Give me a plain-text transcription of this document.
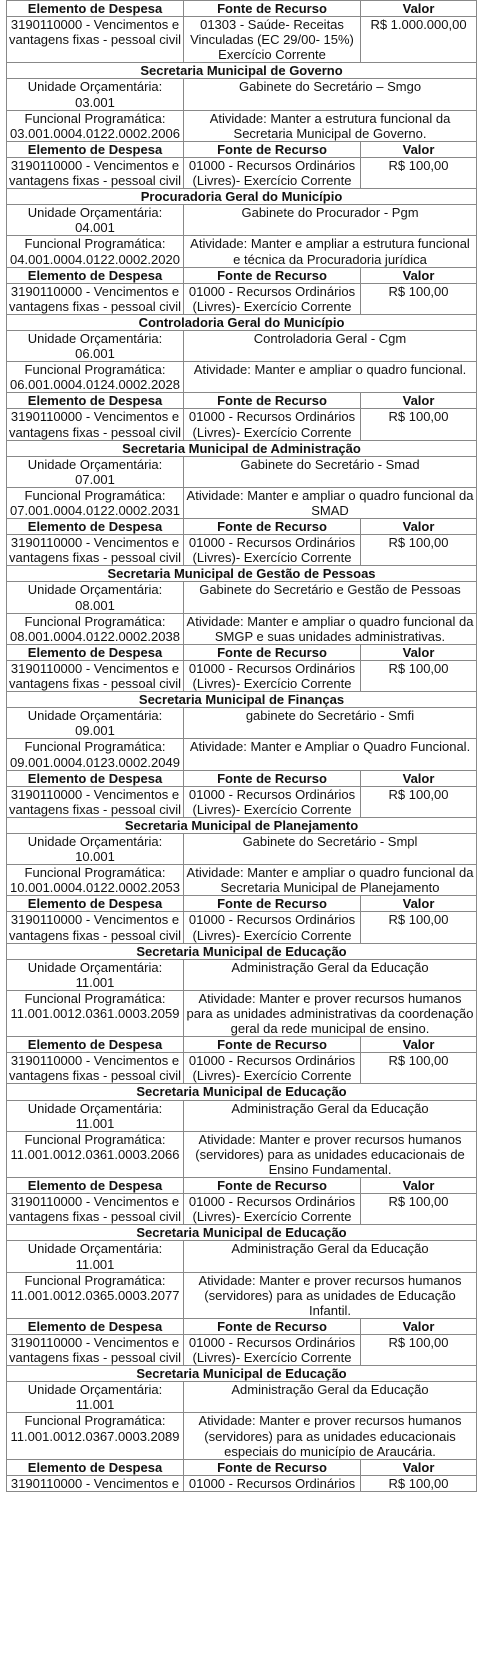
Elemento de Despesa	Fonte de Recurso	Valor
3190110000 - Vencimentos e vantagens fixas - pessoal civil	01303 - Saúde- Receitas Vinculadas (EC 29/00- 15%) Exercício Corrente	R$ 1.000.000,00
Secretaria Municipal de Governo		
Unidade Orçamentária:
03.001	Gabinete do Secretário – Smgo	

Funcional Programática:
03.001.0004.0122.0002.2006	Atividade: Manter a estrutura funcional da Secretaria Municipal de Governo.	
Elemento de Despesa	Fonte de Recurso	Valor
3190110000 - Vencimentos e vantagens fixas - pessoal civil	01000 - Recursos Ordinários (Livres)- Exercício Corrente	R$ 100,00
Procuradoria Geral do Município		
Unidade Orçamentária:
04.001	Gabinete do Procurador - Pgm	

Funcional Programática:
04.001.0004.0122.0002.2020	Atividade: Manter e ampliar a estrutura funcional e técnica da Procuradoria jurídica	
Elemento de Despesa	Fonte de Recurso	Valor
3190110000 - Vencimentos e vantagens fixas - pessoal civil	01000 - Recursos Ordinários (Livres)- Exercício Corrente	R$ 100,00
Controladoria Geral do Município		
Unidade Orçamentária:
06.001	Controladoria Geral - Cgm	

Funcional Programática:
06.001.0004.0124.0002.2028	Atividade: Manter e ampliar o quadro funcional.	
Elemento de Despesa	Fonte de Recurso	Valor
3190110000 - Vencimentos e vantagens fixas - pessoal civil	01000 - Recursos Ordinários (Livres)- Exercício Corrente	R$ 100,00
Secretaria Municipal de Administração		
Unidade Orçamentária:
07.001	Gabinete do Secretário - Smad	

Funcional Programática:
07.001.0004.0122.0002.2031	Atividade: Manter e ampliar o quadro funcional da SMAD	
Elemento de Despesa	Fonte de Recurso	Valor
3190110000 - Vencimentos e vantagens fixas - pessoal civil	01000 - Recursos Ordinários (Livres)- Exercício Corrente	R$ 100,00
Secretaria Municipal de Gestão de Pessoas		
Unidade Orçamentária:
08.001	Gabinete do Secretário e Gestão de Pessoas	

Funcional Programática:
08.001.0004.0122.0002.2038	Atividade: Manter e ampliar o quadro funcional da SMGP e suas unidades administrativas.	
Elemento de Despesa	Fonte de Recurso	Valor
3190110000 - Vencimentos e vantagens fixas - pessoal civil	01000 - Recursos Ordinários (Livres)- Exercício Corrente	R$ 100,00
Secretaria Municipal de Finanças		
Unidade Orçamentária:
09.001	gabinete do Secretário - Smfi	

Funcional Programática:
09.001.0004.0123.0002.2049	Atividade: Manter e Ampliar o Quadro Funcional.	
Elemento de Despesa	Fonte de Recurso	Valor
3190110000 - Vencimentos e vantagens fixas - pessoal civil	01000 - Recursos Ordinários (Livres)- Exercício Corrente	R$ 100,00
Secretaria Municipal de Planejamento		
Unidade Orçamentária:
10.001	Gabinete do Secretário - Smpl	

Funcional Programática:
10.001.0004.0122.0002.2053	Atividade: Manter e ampliar o quadro funcional da Secretaria Municipal de Planejamento	
Elemento de Despesa	Fonte de Recurso	Valor
3190110000 - Vencimentos e vantagens fixas - pessoal civil	01000 - Recursos Ordinários (Livres)- Exercício Corrente	R$ 100,00
Secretaria Municipal de Educação		
Unidade Orçamentária:
11.001	Administração Geral da Educação	

Funcional Programática:
11.001.0012.0361.0003.2059	Atividade: Manter e prover recursos humanos para as unidades administrativas da coordenação geral da rede municipal de ensino.	
Elemento de Despesa	Fonte de Recurso	Valor
3190110000 - Vencimentos e vantagens fixas - pessoal civil	01000 - Recursos Ordinários (Livres)- Exercício Corrente	R$ 100,00
Secretaria Municipal de Educação		
Unidade Orçamentária:
11.001	Administração Geral da Educação	

Funcional Programática:
11.001.0012.0361.0003.2066	Atividade: Manter e prover recursos humanos (servidores) para as unidades educacionais de Ensino Fundamental.	
Elemento de Despesa	Fonte de Recurso	Valor
3190110000 - Vencimentos e vantagens fixas - pessoal civil	01000 - Recursos Ordinários (Livres)- Exercício Corrente	R$ 100,00
Secretaria Municipal de Educação		
Unidade Orçamentária:
11.001	Administração Geral da Educação	

Funcional Programática:
11.001.0012.0365.0003.2077	Atividade: Manter e prover recursos humanos (servidores) para as unidades de Educação Infantil.	
Elemento de Despesa	Fonte de Recurso	Valor
3190110000 - Vencimentos e vantagens fixas - pessoal civil	01000 - Recursos Ordinários (Livres)- Exercício Corrente	R$ 100,00
Secretaria Municipal de Educação		
Unidade Orçamentária:
11.001	Administração Geral da Educação	

Funcional Programática:
11.001.0012.0367.0003.2089	Atividade: Manter e prover recursos humanos (servidores) para as unidades educacionais especiais do município de Araucária.	
Elemento de Despesa	Fonte de Recurso	Valor
3190110000 - Vencimentos e	01000 - Recursos Ordinários	R$ 100,00
